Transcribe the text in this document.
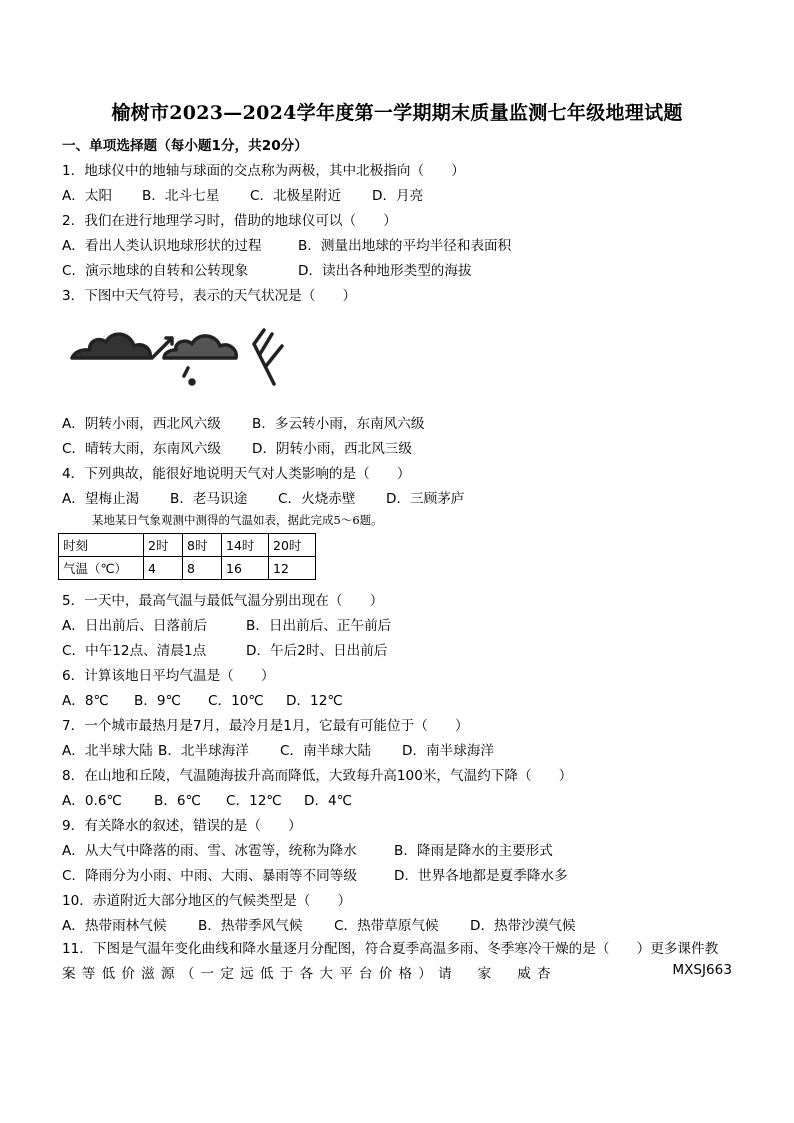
榆树市2023—2024学年度第一学期期末质量监测七年级地理试题
一、单项选择题（每小题1分，共20分）
1．地球仪中的地轴与球面的交点称为两极，其中北极指向（　　）
A．太阳 B．北斗七星 C．北极星附近 D．月亮
2．我们在进行地理学习时，借助的地球仪可以（　　）
A．看出人类认识地球形状的过程	B．测量出地球的平均半径和表面积
C．演示地球的自转和公转现象	D．读出各种地形类型的海拔
3．下图中天气符号，表示的天气状况是（　　）
A．阴转小雨，西北风六级 B．多云转小雨，东南风六级
C．晴转大雨，东南风六级 D．阴转小雨，西北风三级
4．下列典故，能很好地说明天气对人类影响的是（　　）
A．望梅止渴 B．老马识途 C．火烧赤壁 D．三顾茅庐
某地某日气象观测中测得的气温如表，据此完成5～6题。
时刻	2时	8时	14时	20时
气温（℃）	4	8	16	12
5．一天中，最高气温与最低气温分别出现在（　　）
A．日出前后、日落前后	B．日出前后、正午前后
C．中午12点、清晨1点	D．午后2时、日出前后
6．计算该地日平均气温是（　　）
A．8℃ B．9℃ C．10℃ D．12℃
7．一个城市最热月是7月，最冷月是1月，它最有可能位于（　　）
A．北半球大陆 B．北半球海洋 C．南半球大陆 D．南半球海洋
8．在山地和丘陵，气温随海拔升高而降低，大致每升高100米，气温约下降（　　）
A．0.6℃ B．6℃ C．12℃ D．4℃
9．有关降水的叙述，错误的是（　　）
A．从大气中降落的雨、雪、冰雹等，统称为降水	B．降雨是降水的主要形式
C．降雨分为小雨、中雨、大雨、暴雨等不同等级	D．世界各地都是夏季降水多
10．赤道附近大部分地区的气候类型是（　　）
A．热带雨林气候 B．热带季风气候 C．热带草原气候 D．热带沙漠气候
11．下图是气温年变化曲线和降水量逐月分配图，符合夏季高温多雨、冬季寒冷干燥的是（　　）更多课件教
案等低价滋源（一定远低于各大平台价格）请　家　威杏	MXSJ663
